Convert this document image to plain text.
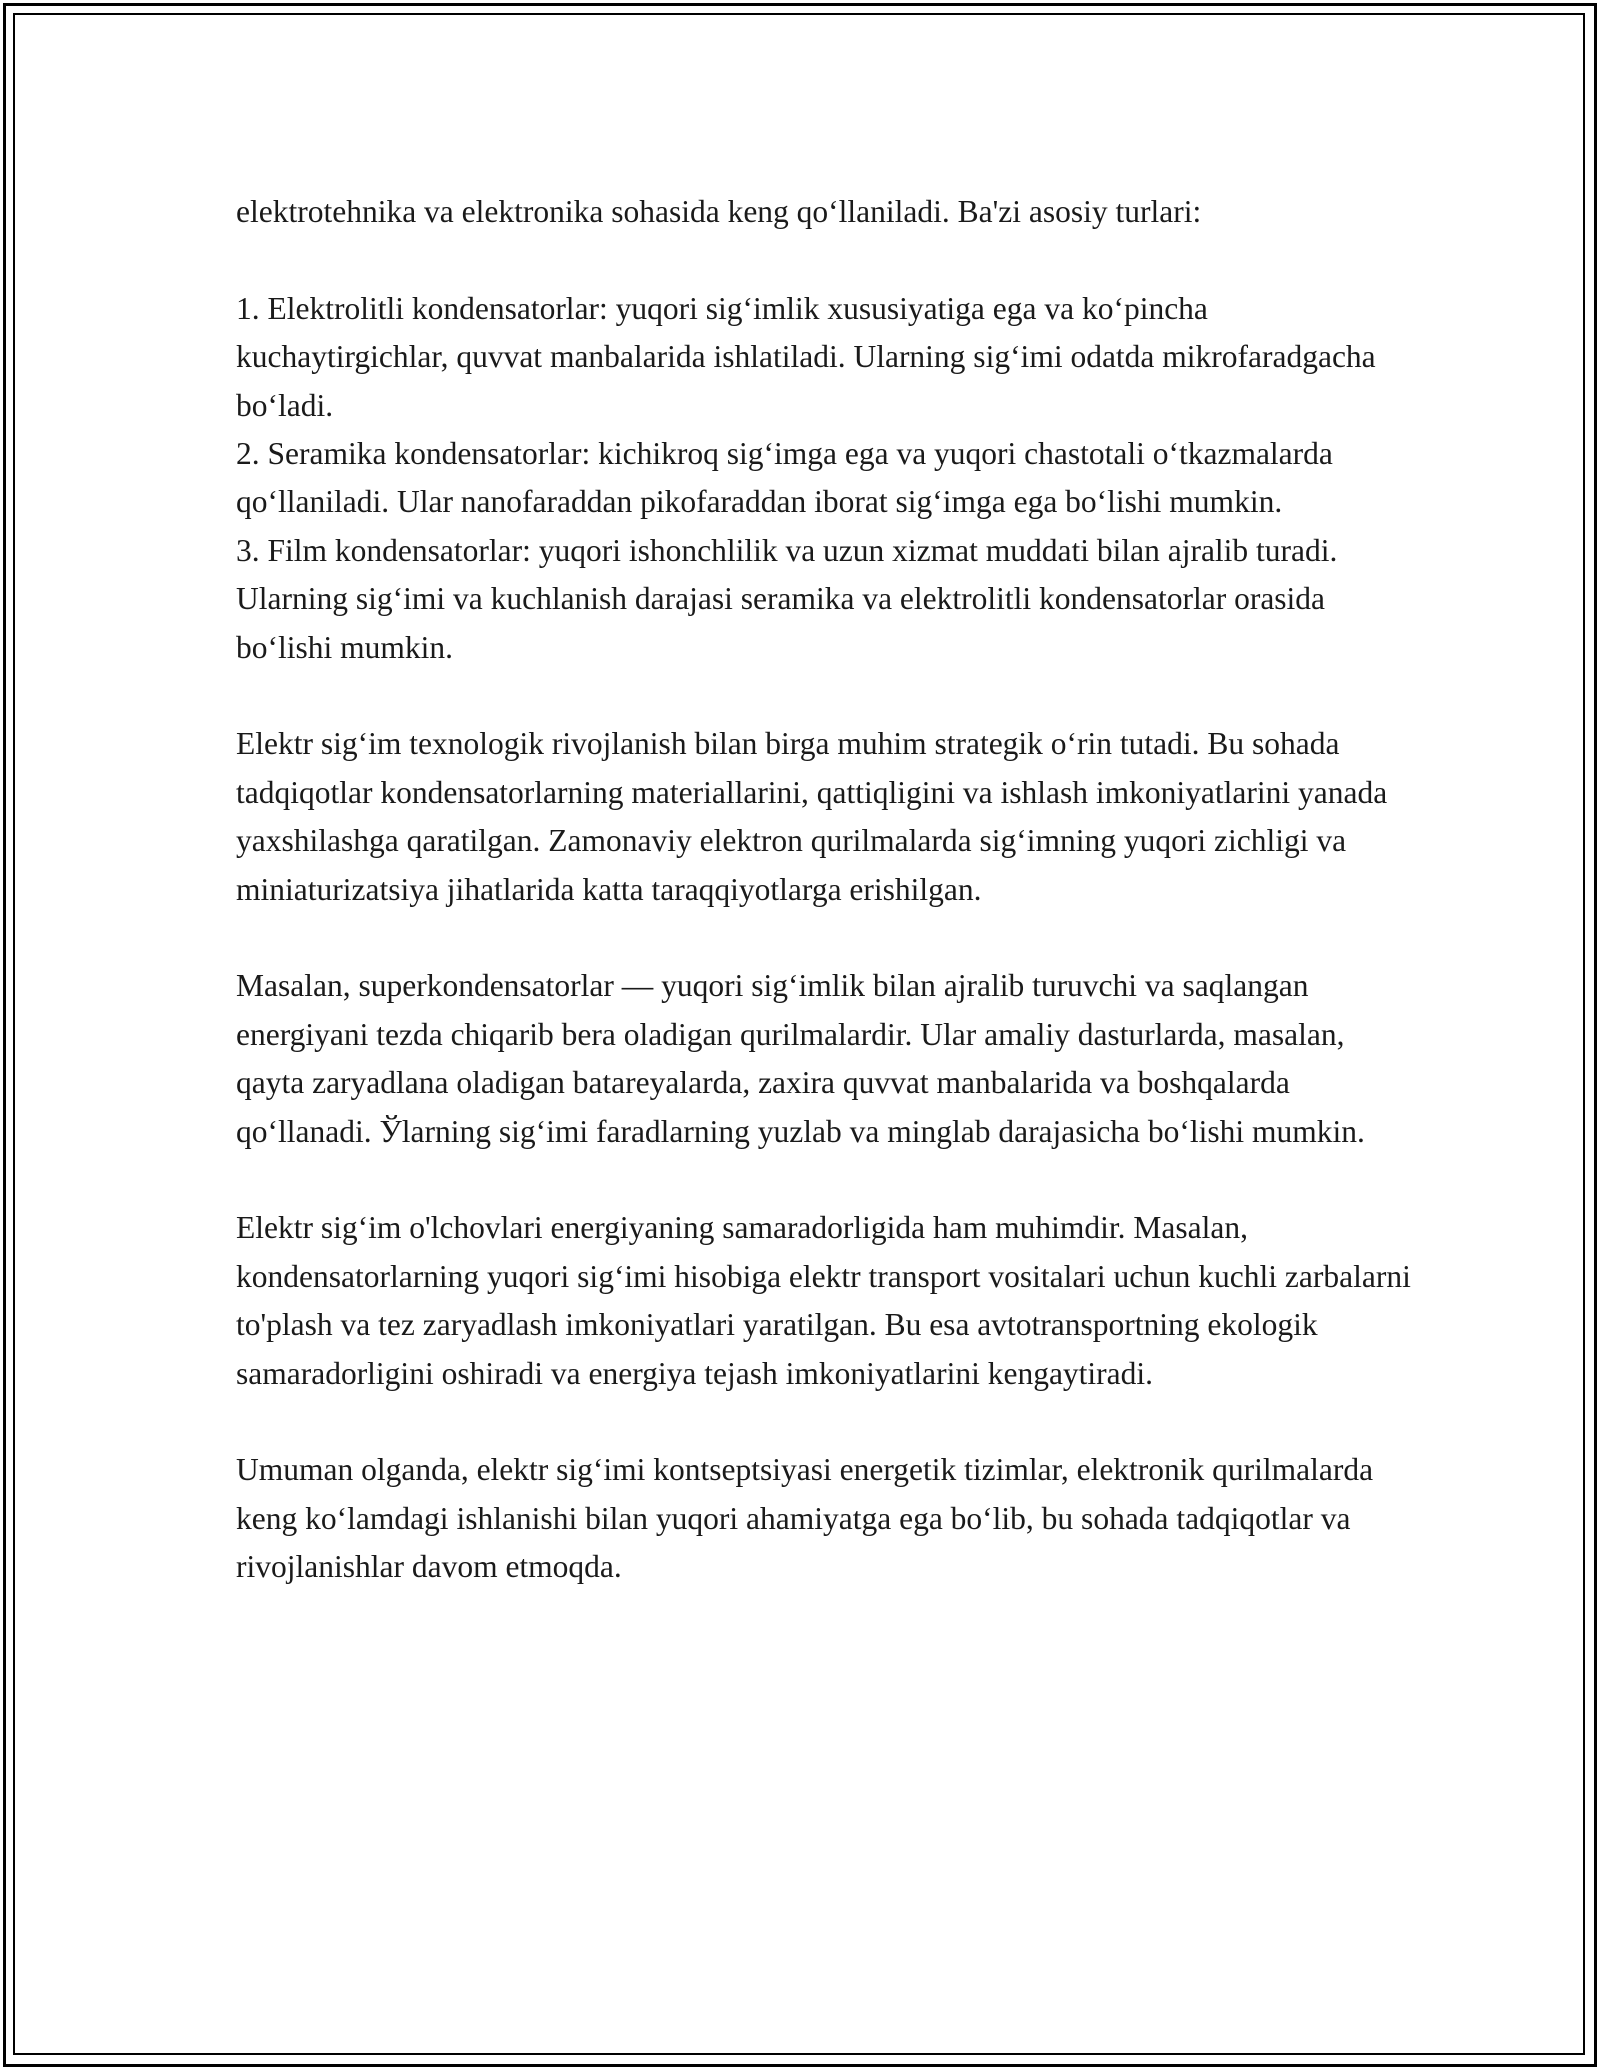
elektrotehnika va elektronika sohasida keng qo‘llaniladi. Ba'zi asosiy turlari:

1. Elektrolitli kondensatorlar: yuqori sig‘imlik xususiyatiga ega va ko‘pincha kuchaytirgichlar, quvvat manbalarida ishlatiladi. Ularning sig‘imi odatda mikrofaradgacha bo‘ladi.

2. Seramika kondensatorlar: kichikroq sig‘imga ega va yuqori chastotali o‘tkazmalarda qo‘llaniladi. Ular nanofaraddan pikofaraddan iborat sig‘imga ega bo‘lishi mumkin.

3. Film kondensatorlar: yuqori ishonchlilik va uzun xizmat muddati bilan ajralib turadi. Ularning sig‘imi va kuchlanish darajasi seramika va elektrolitli kondensatorlar orasida bo‘lishi mumkin.

Elektr sig‘im texnologik rivojlanish bilan birga muhim strategik o‘rin tutadi. Bu sohada tadqiqotlar kondensatorlarning materiallarini, qattiqligini va ishlash imkoniyatlarini yanada yaxshilashga qaratilgan. Zamonaviy elektron qurilmalarda sig‘imning yuqori zichligi va miniaturizatsiya jihatlarida katta taraqqiyotlarga erishilgan.

Masalan, superkondensatorlar — yuqori sig‘imlik bilan ajralib turuvchi va saqlangan energiyani tezda chiqarib bera oladigan qurilmalardir. Ular amaliy dasturlarda, masalan, qayta zaryadlana oladigan batareyalarda, zaxira quvvat manbalarida va boshqalarda qo‘llanadi. Ўlarning sig‘imi faradlarning yuzlab va minglab darajasicha bo‘lishi mumkin.

Elektr sig‘im o'lchovlari energiyaning samaradorligida ham muhimdir. Masalan, kondensatorlarning yuqori sig‘imi hisobiga elektr transport vositalari uchun kuchli zarbalarni to'plash va tez zaryadlash imkoniyatlari yaratilgan. Bu esa avtotransportning ekologik samaradorligini oshiradi va energiya tejash imkoniyatlarini kengaytiradi.

Umuman olganda, elektr sig‘imi kontseptsiyasi energetik tizimlar, elektronik qurilmalarda keng ko‘lamdagi ishlanishi bilan yuqori ahamiyatga ega bo‘lib, bu sohada tadqiqotlar va rivojlanishlar davom etmoqda.
